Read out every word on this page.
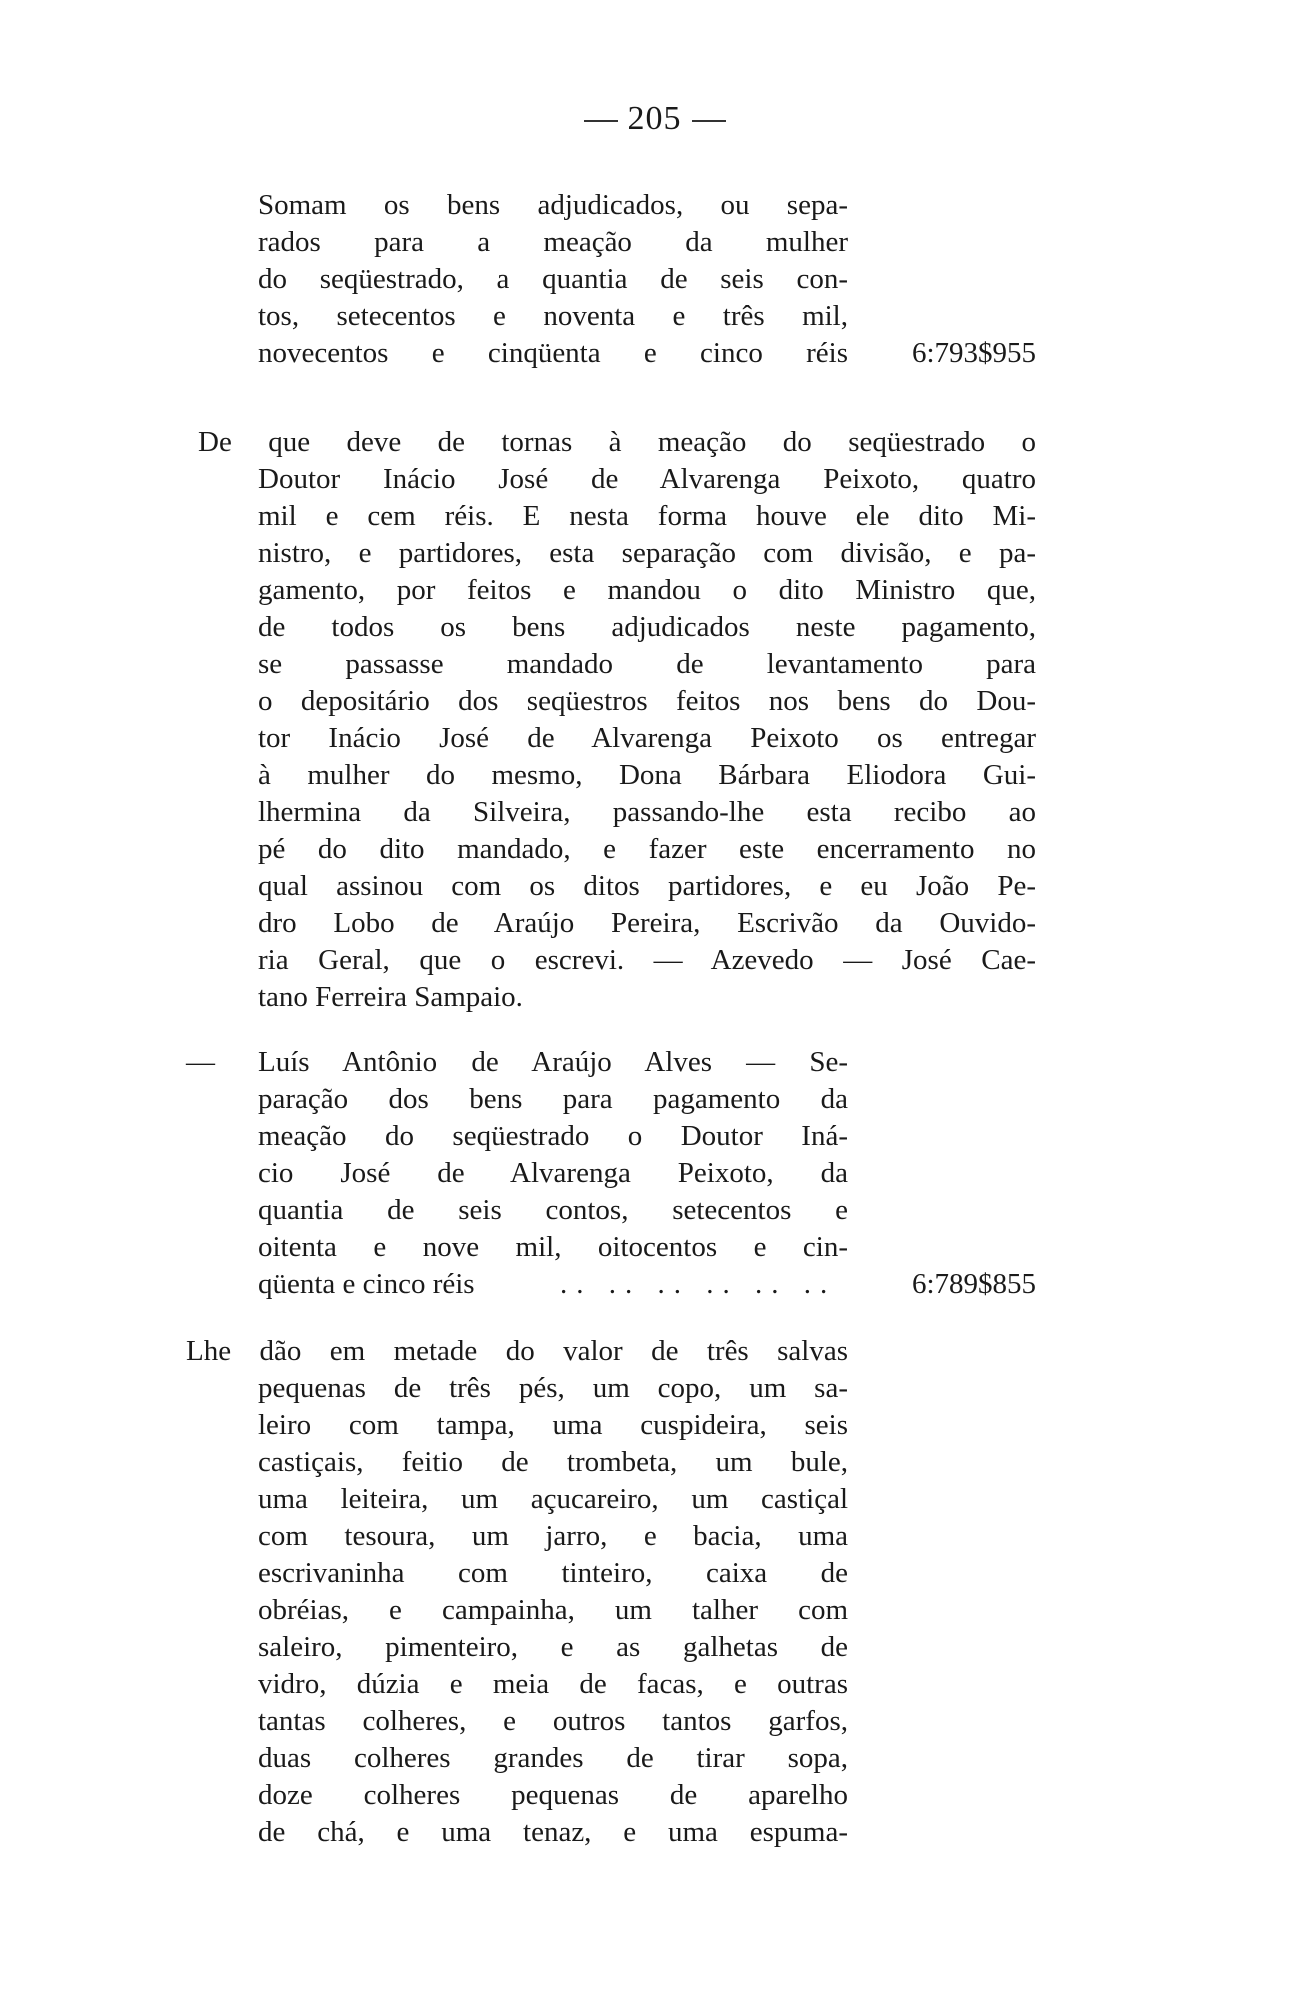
205
Somam os bens adjudicados, ou sepa-
rados para a meação da mulher
do seqüestrado, a quantia de seis con-
tos, setecentos e noventa e três mil,
novecentos e cinqüenta e cinco réis	6:793$955
De que deve de tornas à meação do seqüestrado o
Doutor Inácio José de Alvarenga Peixoto, quatro
mil e cem réis. E nesta forma houve ele dito Mi-
nistro, e partidores, esta separação com divisão, e pa-
gamento, por feitos e mandou o dito Ministro que,
de todos os bens adjudicados neste pagamento,
se passasse mandado de levantamento para
o depositário dos seqüestros feitos nos bens do Dou-
tor Inácio José de Alvarenga Peixoto os entregar
à mulher do mesmo, Dona Bárbara Eliodora Gui-
lhermina da Silveira, passando-lhe esta recibo ao
pé do dito mandado, e fazer este encerramento no
qual assinou com os ditos partidores, e eu João Pe-
dro Lobo de Araújo Pereira, Escrivão da Ouvido-
ria Geral, que o escrevi. — Azevedo — José Cae-
tano Ferreira Sampaio.
— Luís Antônio de Araújo Alves — Se-
paração dos bens para pagamento da
meação do seqüestrado o Doutor Iná-
cio José de Alvarenga Peixoto, da
quantia de seis contos, setecentos e
oitenta e nove mil, oitocentos e cin-
qüenta e cinco réis	.. .. .. .. .. ..	6:789$855
Lhe dão em metade do valor de três salvas
pequenas de três pés, um copo, um sa-
leiro com tampa, uma cuspideira, seis
castiçais, feitio de trombeta, um bule,
uma leiteira, um açucareiro, um castiçal
com tesoura, um jarro, e bacia, uma
escrivaninha com tinteiro, caixa de
obréias, e campainha, um talher com
saleiro, pimenteiro, e as galhetas de
vidro, dúzia e meia de facas, e outras
tantas colheres, e outros tantos garfos,
duas colheres grandes de tirar sopa,
doze colheres pequenas de aparelho
de chá, e uma tenaz, e uma espuma-
